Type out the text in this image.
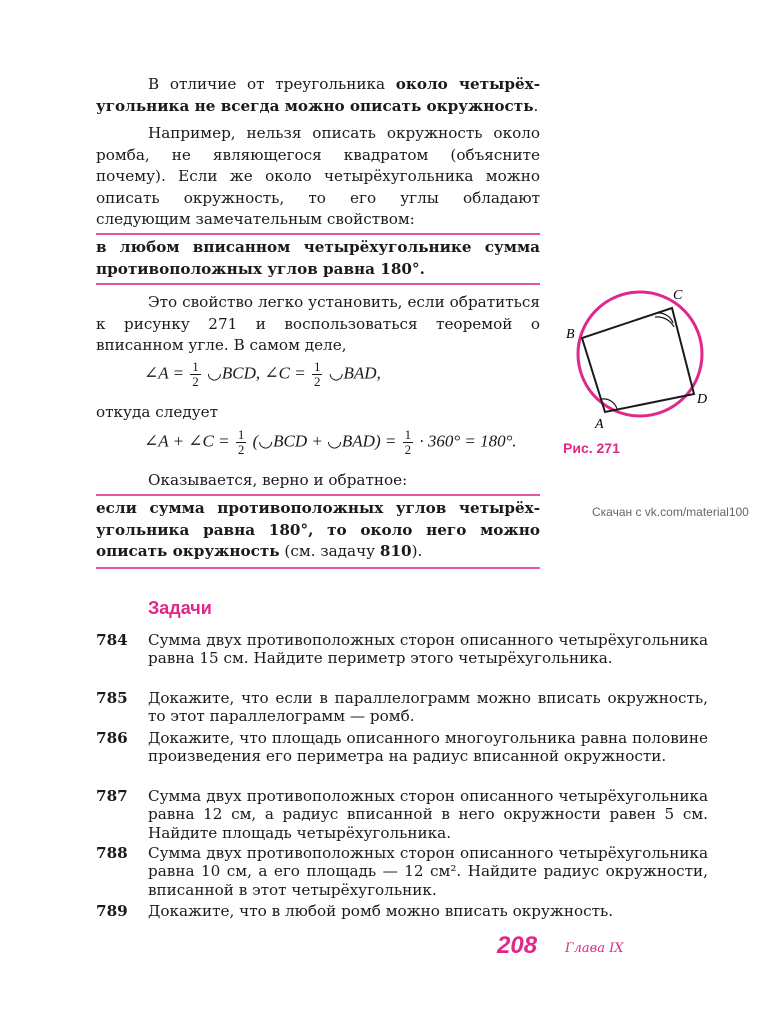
В отличие от треугольника около четырёхугольника не всегда можно описать окружность.
Например, нельзя описать окружность около ромба, не являющегося квадратом (объясните почему). Если же около четырёхугольника можно описать окружность, то его углы обладают следующим замечательным свойством:
в любом вписанном четырёхугольнике сумма противоположных углов равна 180°.
Это свойство легко установить, если обратиться к рисунку 271 и воспользоваться теоремой о вписанном угле. В самом деле,
∠A = $\frac{1}{2}$ ◡BCD, ∠C = $\frac{1}{2}$ ◡BAD,
откуда следует
∠A + ∠C = $\frac{1}{2}$ (◡BCD + ◡BAD) = $\frac{1}{2} \cdot 360^\circ = 180^\circ$.
Оказывается, верно и обратное:
если сумма противоположных углов четырёхугольника равна 180°, то около него можно описать окружность (см. задачу 810).
A
B
C
D
Рис. 271
Скачан с vk.com/material100
Задачи
784 Сумма двух противоположных сторон описанного четырёхугольника равна 15 см. Найдите периметр этого четырёхугольника.
785 Докажите, что если в параллелограмм можно вписать окружность, то этот параллелограмм — ромб.
786 Докажите, что площадь описанного многоугольника равна половине произведения его периметра на радиус вписанной окружности.
787 Сумма двух противоположных сторон описанного четырёхугольника равна 12 см, а радиус вписанной в него окружности равен 5 см. Найдите площадь четырёхугольника.
788 Сумма двух противоположных сторон описанного четырёхугольника равна 10 см, а его площадь — 12 см². Найдите радиус окружности, вписанной в этот четырёхугольник.
789 Докажите, что в любой ромб можно вписать окружность.
208 Глава IX
